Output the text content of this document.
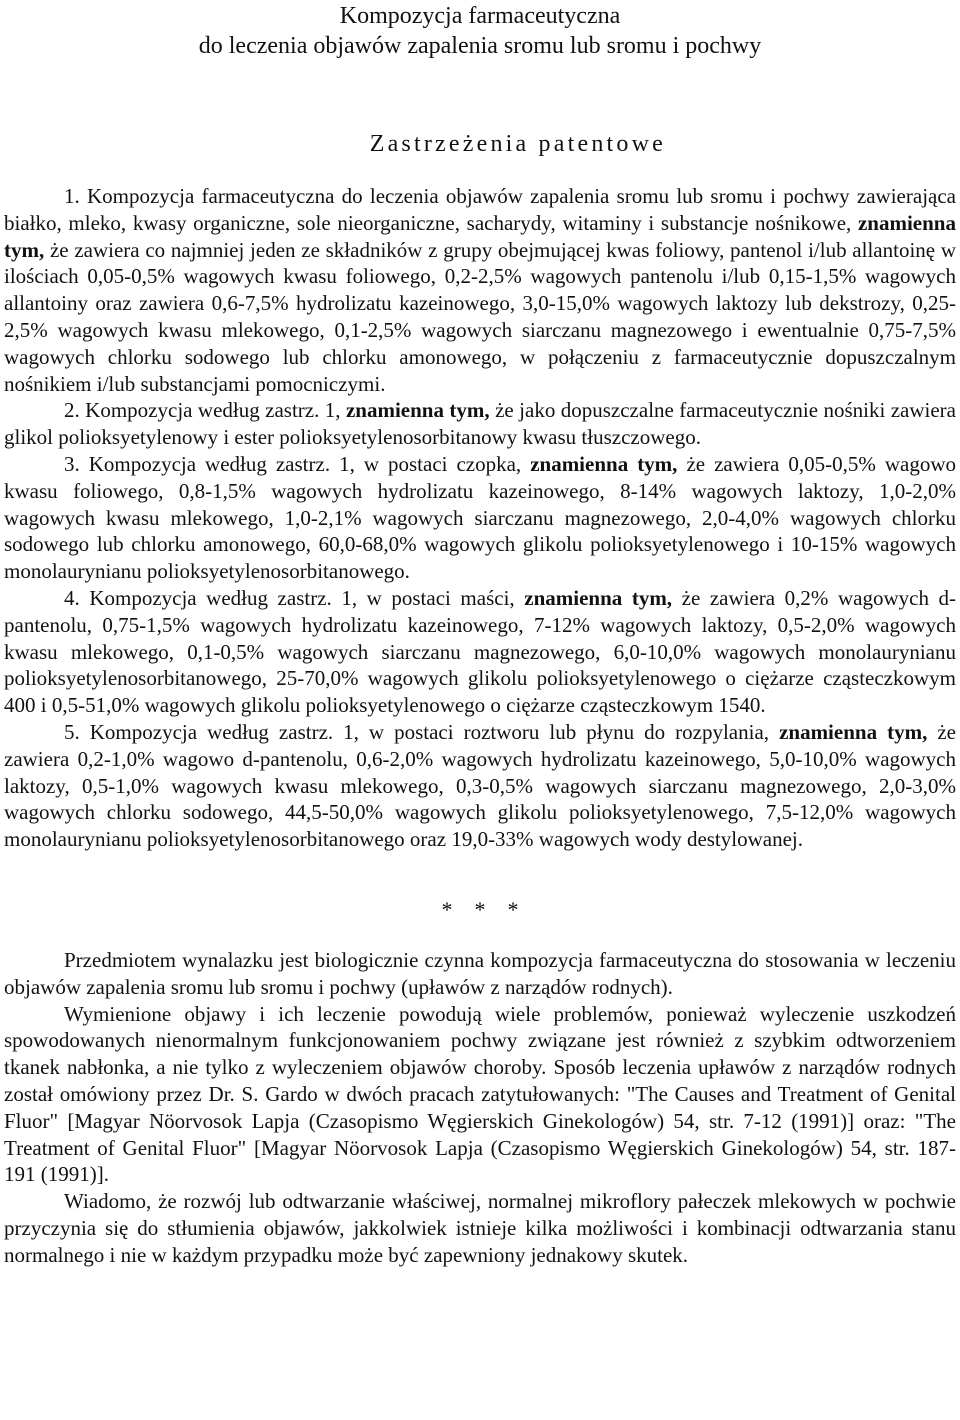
Kompozycja farmaceutyczna
do leczenia objawów zapalenia sromu lub sromu i pochwy
Zastrzeżenia patentowe

1. Kompozycja farmaceutyczna do leczenia objawów zapalenia sromu lub sromu i pochwy zawierająca białko, mleko, kwasy organiczne, sole nieorganiczne, sacharydy, witaminy i substancje nośnikowe, znamienna tym, że zawiera co najmniej jeden ze składników z grupy obejmującej kwas foliowy, pantenol i/lub allantoinę w ilościach 0,05-0,5% wagowych kwasu foliowego, 0,2-2,5% wagowych pantenolu i/lub 0,15-1,5% wagowych allantoiny oraz zawiera 0,6-7,5% hydrolizatu kazeinowego, 3,0-15,0% wagowych laktozy lub dekstrozy, 0,25-2,5% wagowych kwasu mlekowego, 0,1-2,5% wagowych siarczanu magnezowego i ewentualnie 0,75-7,5% wagowych chlorku sodowego lub chlorku amonowego, w połączeniu z farmaceutycznie dopuszczalnym nośnikiem i/lub substancjami pomocniczymi.

2. Kompozycja według zastrz. 1, znamienna tym, że jako dopuszczalne farmaceutycznie nośniki zawiera glikol polioksyetylenowy i ester polioksyetylenosorbitanowy kwasu tłuszczowego.

3. Kompozycja według zastrz. 1, w postaci czopka, znamienna tym, że zawiera 0,05-0,5% wagowo kwasu foliowego, 0,8-1,5% wagowych hydrolizatu kazeinowego, 8-14% wagowych laktozy, 1,0-2,0% wagowych kwasu mlekowego, 1,0-2,1% wagowych siarczanu magnezowego, 2,0-4,0% wagowych chlorku sodowego lub chlorku amonowego, 60,0-68,0% wagowych glikolu polioksyetylenowego i 10-15% wagowych monolaurynianu polioksyetylenosorbitanowego.

4. Kompozycja według zastrz. 1, w postaci maści, znamienna tym, że zawiera 0,2% wagowych d-pantenolu, 0,75-1,5% wagowych hydrolizatu kazeinowego, 7-12% wagowych laktozy, 0,5-2,0% wagowych kwasu mlekowego, 0,1-0,5% wagowych siarczanu magnezowego, 6,0-10,0% wagowych monolaurynianu polioksyetylenosorbitanowego, 25-70,0% wagowych glikolu polioksyetylenowego o ciężarze cząsteczkowym 400 i 0,5-51,0% wagowych glikolu polioksyetylenowego o ciężarze cząsteczkowym 1540.

5. Kompozycja według zastrz. 1, w postaci roztworu lub płynu do rozpylania, znamienna tym, że zawiera 0,2-1,0% wagowo d-pantenolu, 0,6-2,0% wagowych hydrolizatu kazeinowego, 5,0-10,0% wagowych laktozy, 0,5-1,0% wagowych kwasu mlekowego, 0,3-0,5% wagowych siarczanu magnezowego, 2,0-3,0% wagowych chlorku sodowego, 44,5-50,0% wagowych glikolu polioksyetylenowego, 7,5-12,0% wagowych monolaurynianu polioksyetylenosorbitanowego oraz 19,0-33% wagowych wody destylowanej.

***

Przedmiotem wynalazku jest biologicznie czynna kompozycja farmaceutyczna do stosowania w leczeniu objawów zapalenia sromu lub sromu i pochwy (upławów z narządów rodnych).

Wymienione objawy i ich leczenie powodują wiele problemów, ponieważ wyleczenie uszkodzeń spowodowanych nienormalnym funkcjonowaniem pochwy związane jest również z szybkim odtworzeniem tkanek nabłonka, a nie tylko z wyleczeniem objawów choroby. Sposób leczenia upławów z narządów rodnych został omówiony przez Dr. S. Gardo w dwóch pracach zatytułowanych: "The Causes and Treatment of Genital Fluor" [Magyar Nöorvosok Lapja (Czasopismo Węgierskich Ginekologów) 54, str. 7-12 (1991)] oraz: "The Treatment of Genital Fluor" [Magyar Nöorvosok Lapja (Czasopismo Węgierskich Ginekologów) 54, str. 187-191 (1991)].

Wiadomo, że rozwój lub odtwarzanie właściwej, normalnej mikroflory pałeczek mlekowych w pochwie przyczynia się do stłumienia objawów, jakkolwiek istnieje kilka możliwości i kombinacji odtwarzania stanu normalnego i nie w każdym przypadku może być zapewniony jednakowy skutek.
